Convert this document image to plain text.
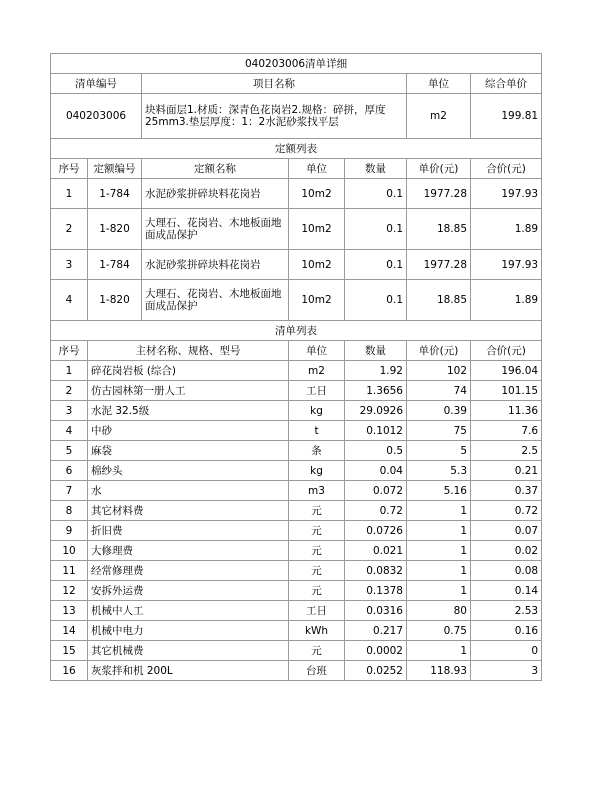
040203006清单详细						
清单编号		项目名称			单位	综合单价
040203006		块料面层1.材质：深青色花岗岩2.规格：碎拼，厚度25mm3.垫层厚度：1：2水泥砂浆找平层			m2	199.81
定额列表						
序号	定额编号	定额名称	单位	数量	单价(元)	合价(元)
1	1-784	水泥砂浆拼碎块料花岗岩	10m2	0.1	1977.28	197.93
2	1-820	大理石、花岗岩、木地板面地面成品保护	10m2	0.1	18.85	1.89
3	1-784	水泥砂浆拼碎块料花岗岩	10m2	0.1	1977.28	197.93
4	1-820	大理石、花岗岩、木地板面地面成品保护	10m2	0.1	18.85	1.89
清单列表						
序号	主材名称、规格、型号		单位	数量	单价(元)	合价(元)
1	碎花岗岩板 (综合)		m2	1.92	102	196.04
2	仿古园林第一册人工		工日	1.3656	74	101.15
3	水泥 32.5级		kg	29.0926	0.39	11.36
4	中砂		t	0.1012	75	7.6
5	麻袋		条	0.5	5	2.5
6	棉纱头		kg	0.04	5.3	0.21
7	水		m3	0.072	5.16	0.37
8	其它材料费		元	0.72	1	0.72
9	折旧费		元	0.0726	1	0.07
10	大修理费		元	0.021	1	0.02
11	经常修理费		元	0.0832	1	0.08
12	安拆外运费		元	0.1378	1	0.14
13	机械中人工		工日	0.0316	80	2.53
14	机械中电力		kWh	0.217	0.75	0.16
15	其它机械费		元	0.0002	1	0
16	灰浆拌和机 200L		台班	0.0252	118.93	3
